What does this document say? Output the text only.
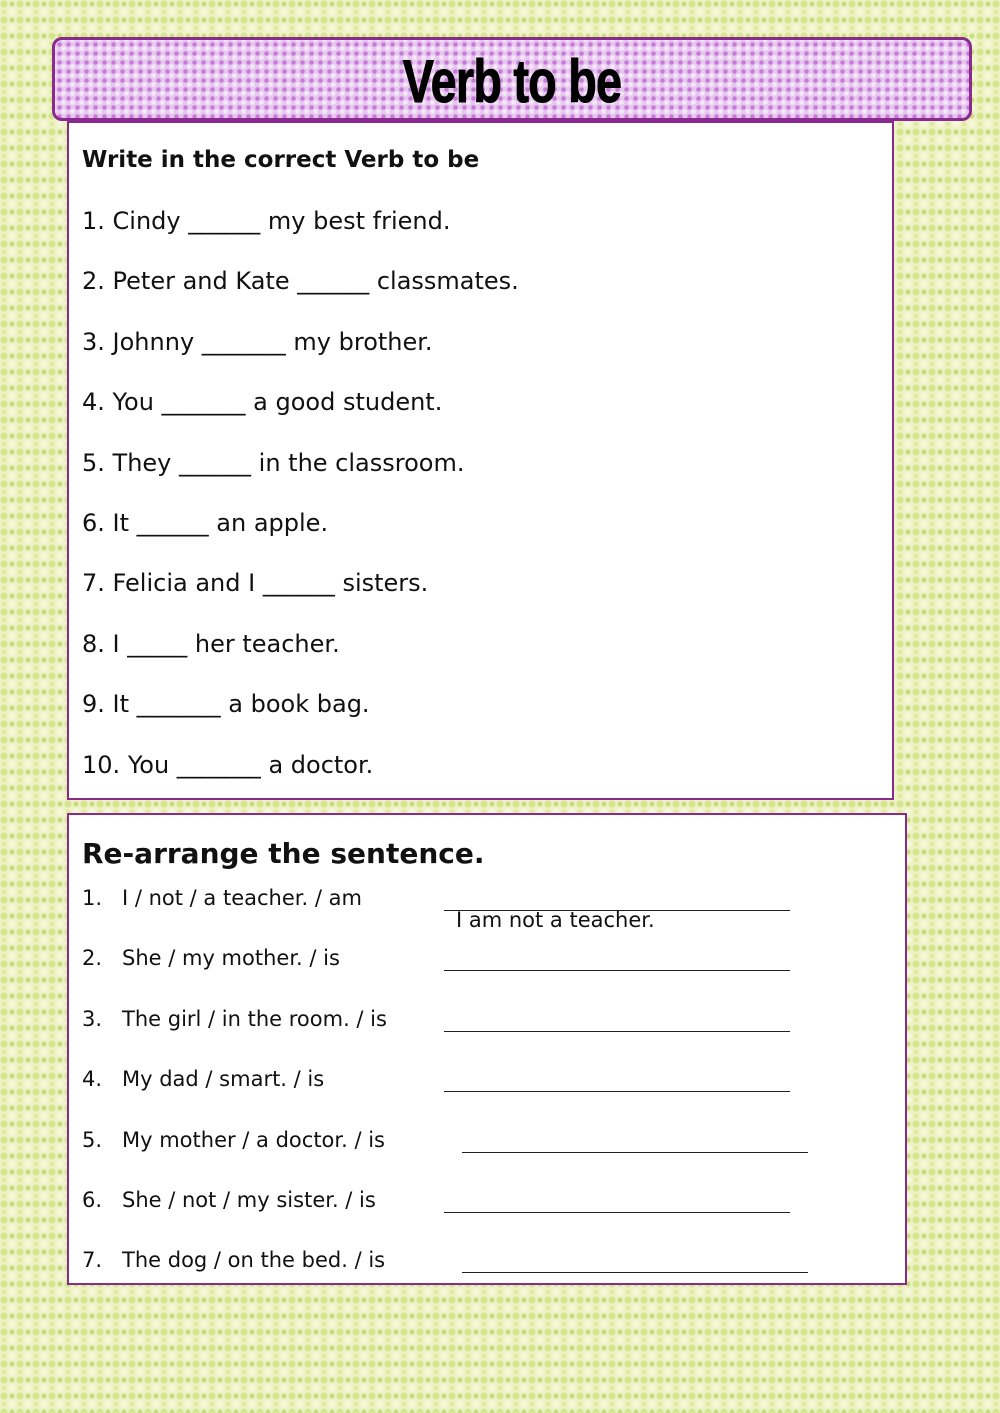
Verb to be
Write in the correct Verb to be
1. Cindy ______ my best friend.
2. Peter and Kate ______ classmates.
3. Johnny _______ my brother.
4. You _______ a good student.
5. They ______ in the classroom.
6. It ______ an apple.
7. Felicia and I ______ sisters.
8. I _____ her teacher.
9. It _______ a book bag.
10. You _______ a doctor.
Re-arrange the sentence.
1. I / not / a teacher. / am
I am not a teacher.
2. She / my mother. / is
3. The girl / in the room. / is
4. My dad / smart. / is
5. My mother / a doctor. / is
6. She / not / my sister. / is
7. The dog / on the bed. / is
